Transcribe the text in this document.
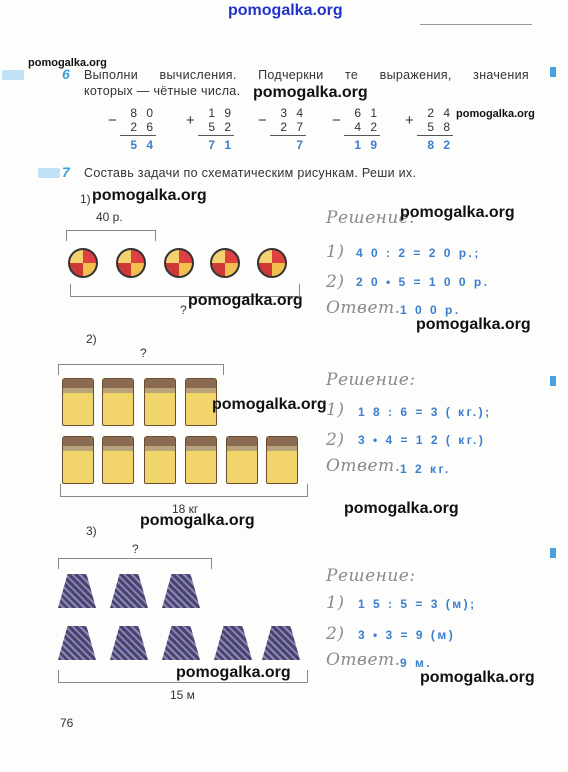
pomogalka.org
pomogalka.org
6 Выполни вычисления. Подчеркни те выражения, значения
которых — чётные числа. pomogalka.org
pomogalka.org
−	8 0
2 6
5 4
+	1 9
5 2
7 1
−	3 4
2 7
7
−	6 1
4 2
1 9
+	2 4
5 8
8 2
7 Составь задачи по схематическим рисункам. Реши их.
1) pomogalka.org
40 р.
?
pomogalka.org
Решение:
pomogalka.org
1) 4 0 : 2 = 2 0 р.;
2) 2 0 • 5 = 1 0 0 р.
Ответ. 1 0 0 р.
pomogalka.org
2)
?
pomogalka.org
18 кг
Решение:
1) 1 8 : 6 = 3 ( кг.);
2) 3 • 4 = 1 2 ( кг.)
Ответ. 1 2 кг.
pomogalka.org
pomogalka.org
3)
?
pomogalka.org
15 м
Решение:
1) 1 5 : 5 = 3 (м);
2) 3 • 3 = 9 (м)
Ответ. 9 м.
pomogalka.org
76
